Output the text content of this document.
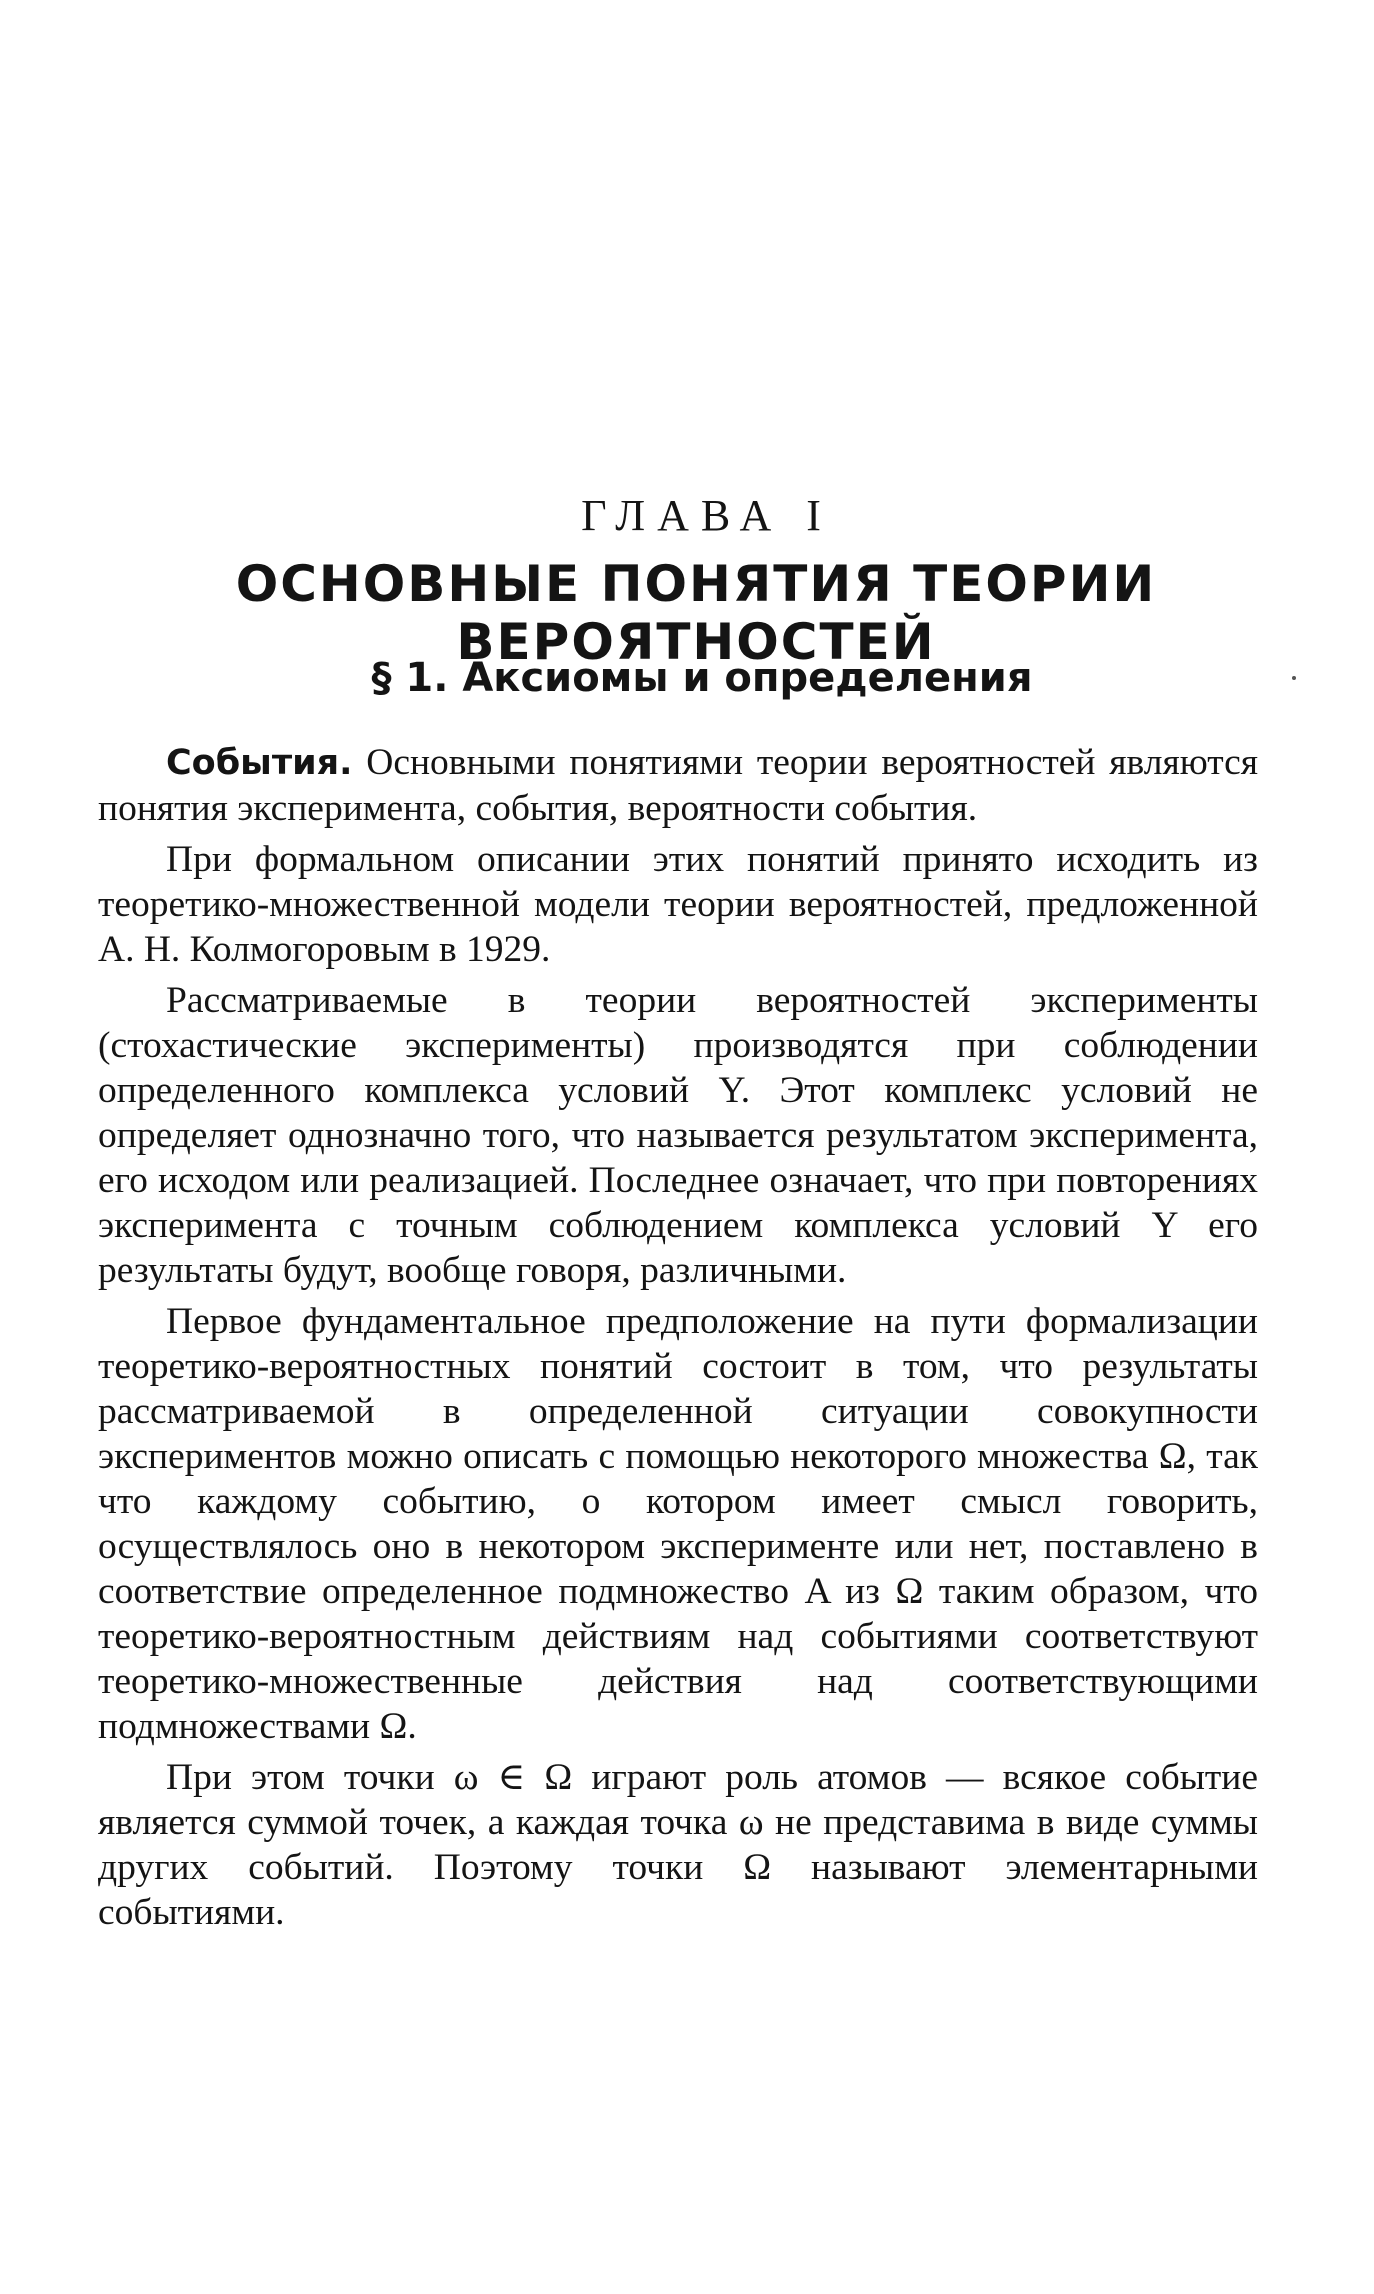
ГЛАВА I
ОСНОВНЫЕ ПОНЯТИЯ ТЕОРИИ ВЕРОЯТНОСТЕЙ
§ 1. Аксиомы и определения

События. Основными понятиями теории вероятностей являются понятия эксперимента, события, вероятности события.

При формальном описании этих понятий принято исходить из теоретико-множественной модели теории вероятностей, предложенной А. Н. Колмогоровым в 1929.

Рассматриваемые в теории вероятностей эксперименты (стохастические эксперименты) производятся при соблюдении определенного комплекса условий Y. Этот комплекс условий не определяет однозначно того, что называется результатом эксперимента, его исходом или реализацией. Последнее означает, что при повторениях эксперимента с точным соблюдением комплекса условий Y его результаты будут, вообще говоря, различными.

Первое фундаментальное предположение на пути формализации теоретико-вероятностных понятий состоит в том, что результаты рассматриваемой в определенной ситуации совокупности экспериментов можно описать с помощью некоторого множества Ω, так что каждому событию, о котором имеет смысл говорить, осуществлялось оно в некотором эксперименте или нет, поставлено в соответствие определенное подмножество A из Ω таким образом, что теоретико-вероятностным действиям над событиями соответствуют теоретико-множественные действия над соответствующими подмножествами Ω.

При этом точки ω ∈ Ω играют роль атомов — всякое событие является суммой точек, а каждая точка ω не представима в виде суммы других событий. Поэтому точки Ω называют элементарными событиями.
